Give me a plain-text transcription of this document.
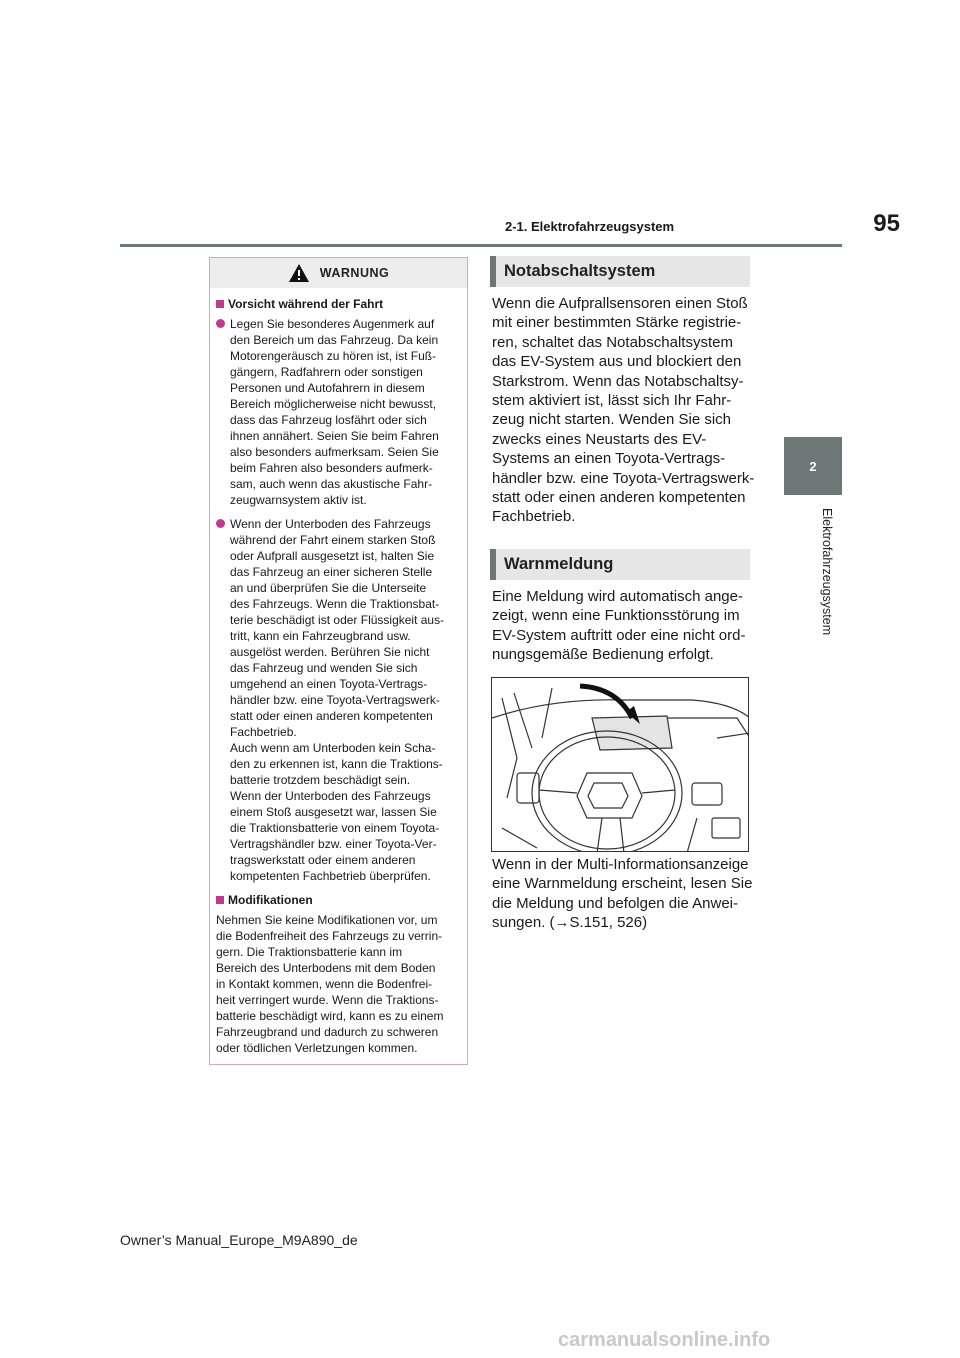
95
2-1. Elektrofahrzeugsystem
2
Elektrofahrzeugsystem
WARNUNG
Vorsicht während der Fahrt
Legen Sie besonderes Augenmerk auf
den Bereich um das Fahrzeug. Da kein
Motorengeräusch zu hören ist, ist Fuß-
gängern, Radfahrern oder sonstigen
Personen und Autofahrern in diesem
Bereich möglicherweise nicht bewusst,
dass das Fahrzeug losfährt oder sich
ihnen annähert. Seien Sie beim Fahren
also besonders aufmerksam. Seien Sie
beim Fahren also besonders aufmerk-
sam, auch wenn das akustische Fahr-
zeugwarnsystem aktiv ist.
Wenn der Unterboden des Fahrzeugs
während der Fahrt einem starken Stoß
oder Aufprall ausgesetzt ist, halten Sie
das Fahrzeug an einer sicheren Stelle
an und überprüfen Sie die Unterseite
des Fahrzeugs. Wenn die Traktionsbat-
terie beschädigt ist oder Flüssigkeit aus-
tritt, kann ein Fahrzeugbrand usw.
ausgelöst werden. Berühren Sie nicht
das Fahrzeug und wenden Sie sich
umgehend an einen Toyota-Vertrags-
händler bzw. eine Toyota-Vertragswerk-
statt oder einen anderen kompetenten
Fachbetrieb.
Auch wenn am Unterboden kein Scha-
den zu erkennen ist, kann die Traktions-
batterie trotzdem beschädigt sein.
Wenn der Unterboden des Fahrzeugs
einem Stoß ausgesetzt war, lassen Sie
die Traktionsbatterie von einem Toyota-
Vertragshändler bzw. einer Toyota-Ver-
tragswerkstatt oder einem anderen
kompetenten Fachbetrieb überprüfen.
Modifikationen
Nehmen Sie keine Modifikationen vor, um
die Bodenfreiheit des Fahrzeugs zu verrin-
gern. Die Traktionsbatterie kann im
Bereich des Unterbodens mit dem Boden
in Kontakt kommen, wenn die Bodenfrei-
heit verringert wurde. Wenn die Traktions-
batterie beschädigt wird, kann es zu einem
Fahrzeugbrand und dadurch zu schweren
oder tödlichen Verletzungen kommen.
Notabschaltsystem
Wenn die Aufprallsensoren einen Stoß
mit einer bestimmten Stärke registrie-
ren, schaltet das Notabschaltsystem
das EV-System aus und blockiert den
Starkstrom. Wenn das Notabschaltsy-
stem aktiviert ist, lässt sich Ihr Fahr-
zeug nicht starten. Wenden Sie sich
zwecks eines Neustarts des EV-
Systems an einen Toyota-Vertrags-
händler bzw. eine Toyota-Vertragswerk-
statt oder einen anderen kompetenten
Fachbetrieb.
Warnmeldung
Eine Meldung wird automatisch ange-
zeigt, wenn eine Funktionsstörung im
EV-System auftritt oder eine nicht ord-
nungsgemäße Bedienung erfolgt.
Wenn in der Multi-Informationsanzeige
eine Warnmeldung erscheint, lesen Sie
die Meldung und befolgen die Anwei-
sungen. (→S.151, 526)
Owner’s Manual_Europe_M9A890_de
carmanualsonline.info
